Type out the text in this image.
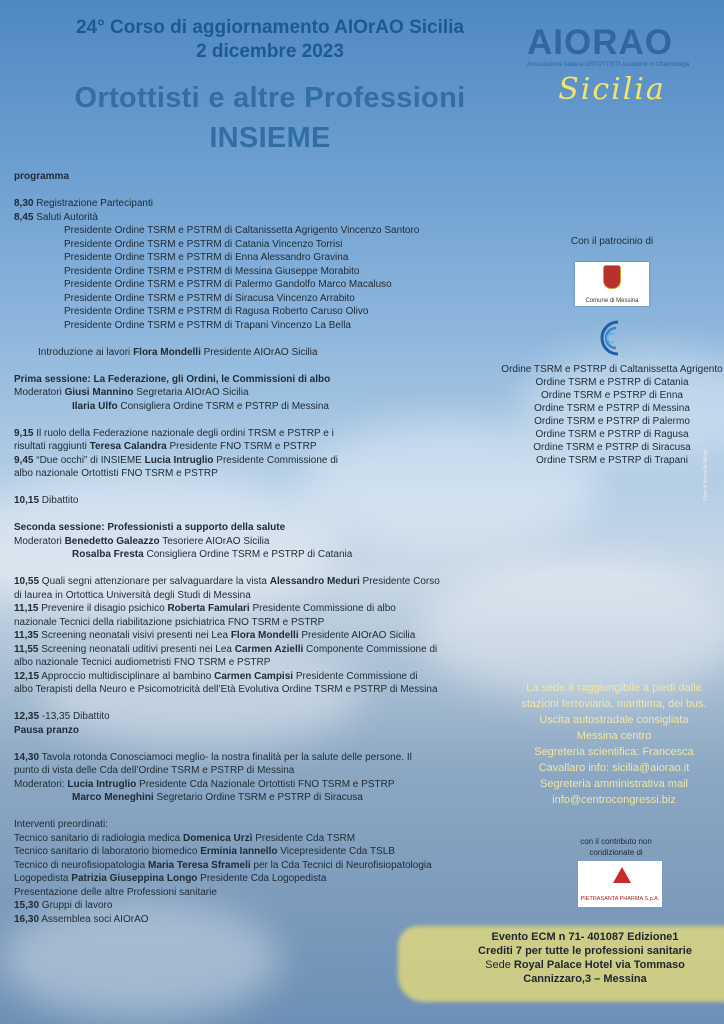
24° Corso di aggiornamento AIOrAO Sicilia
2 dicembre 2023
Ortottisti e altre Professioni
INSIEME
AIORAO
Associazione Italiana ORTOTTISTI Assistenti in Oftalmologia
Sicilia
programma
8,30 Registrazione Partecipanti
8,45 Saluti Autorità
Presidente Ordine TSRM e PSTRM di Caltanissetta Agrigento Vincenzo Santoro
Presidente Ordine TSRM e PSTRM di Catania Vincenzo Torrisi
Presidente Ordine TSRM e PSTRM di Enna Alessandro Gravina
Presidente Ordine TSRM e PSTRM di Messina Giuseppe Morabito
Presidente Ordine TSRM e PSTRM di Palermo Gandolfo Marco Macaluso
Presidente Ordine TSRM e PSTRM di Siracusa Vincenzo Arrabito
Presidente Ordine TSRM e PSTRM di Ragusa Roberto Caruso Olivo
Presidente Ordine TSRM e PSTRM di Trapani Vincenzo La Bella
Introduzione ai lavori Flora Mondelli Presidente AIOrAO Sicilia
Prima sessione: La Federazione, gli Ordini, le Commissioni di albo
Moderatori Giusi Mannino Segretaria AIOrAO Sicilia
Ilaria Ulfo Consigliera Ordine TSRM e PSTRP di Messina
9,15 Il ruolo della Federazione nazionale degli ordini TRSM e PSTRP e i
risultati raggiunti Teresa Calandra Presidente FNO TSRM e PSTRP
9,45 “Due occhi” di INSIEME Lucia Intruglio Presidente Commissione di
albo nazionale Ortottisti FNO TSRM e PSTRP
10,15 Dibattito
Seconda sessione: Professionisti a supporto della salute
Moderatori Benedetto Galeazzo Tesoriere AIOrAO Sicilia
Rosalba Fresta Consigliera Ordine TSRM e PSTRP di Catania
10,55 Quali segni attenzionare per salvaguardare la vista Alessandro Meduri Presidente Corso
di laurea in Ortottica Università degli Studi di Messina
11,15 Prevenire il disagio psichico Roberta Famulari Presidente Commissione di albo
nazionale Tecnici della riabilitazione psichiatrica FNO TSRM e PSTRP
11,35 Screening neonatali visivi presenti nei Lea Flora Mondelli Presidente AIOrAO Sicilia
11,55 Screening neonatali uditivi presenti nei Lea Carmen Azielli Componente Commissione di
albo nazionale Tecnici audiometristi FNO TSRM e PSTRP
12,15 Approccio multidisciplinare al bambino Carmen Campisi Presidente Commissione di
albo Terapisti della Neuro e Psicomotricità dell’Età Evolutiva Ordine TSRM e PSTRP di Messina
12,35 -13,35 Dibattito
Pausa pranzo
14,30 Tavola rotonda Conosciamoci meglio- la nostra finalità per la salute delle persone. Il
punto di vista delle Cda dell’Ordine TSRM e PSTRP di Messina
Moderatori: Lucia Intruglio Presidente Cda Nazionale Ortottisti FNO TSRM e PSTRP
Marco Meneghini Segretario Ordine TSRM e PSTRP di Siracusa
Interventi preordinati:
Tecnico sanitario di radiologia medica Domenica Urzì Presidente Cda TSRM
Tecnico sanitario di laboratorio biomedico Erminia Iannello Vicepresidente Cda TSLB
Tecnico di neurofisiopatologia Maria Teresa Sframeli per la Cda Tecnici di Neurofisiopatologia
Logopedista Patrizia Giuseppina Longo Presidente Cda Logopedista
Presentazione delle altre Professioni sanitarie
15,30 Gruppi di lavoro
16,30 Assemblea soci AIOrAO
Con il patrocinio di
Comune di Messina
Ordine TSRM e PSTRP di Caltanissetta Agrigento
Ordine TSRM e PSTRP di Catania
Ordine TSRM e PSTRP di Enna
Ordine TSRM e PSTRP di Messina
Ordine TSRM e PSTRP di Palermo
Ordine TSRM e PSTRP di Ragusa
Ordine TSRM e PSTRP di Siracusa
Ordine TSRM e PSTRP di Trapani	Foto di Marcello Menta
La sede è raggiungibile a piedi dalle
stazioni ferroviaria, marittima, dei bus.
Uscita autostradale consigliata
Messina centro
Segreteria scientifica: Francesca
Cavallaro info: sicilia@aiorao.it
Segreteria amministrativa mail
info@centrocongressi.biz
con il contributo non
condizionate di
PIETRASANTA PHARMA S.p.A.
Evento ECM n 71- 401087 Edizione1
Crediti 7 per tutte le professioni sanitarie
Sede Royal Palace Hotel via Tommaso
Cannizzaro,3 – Messina
